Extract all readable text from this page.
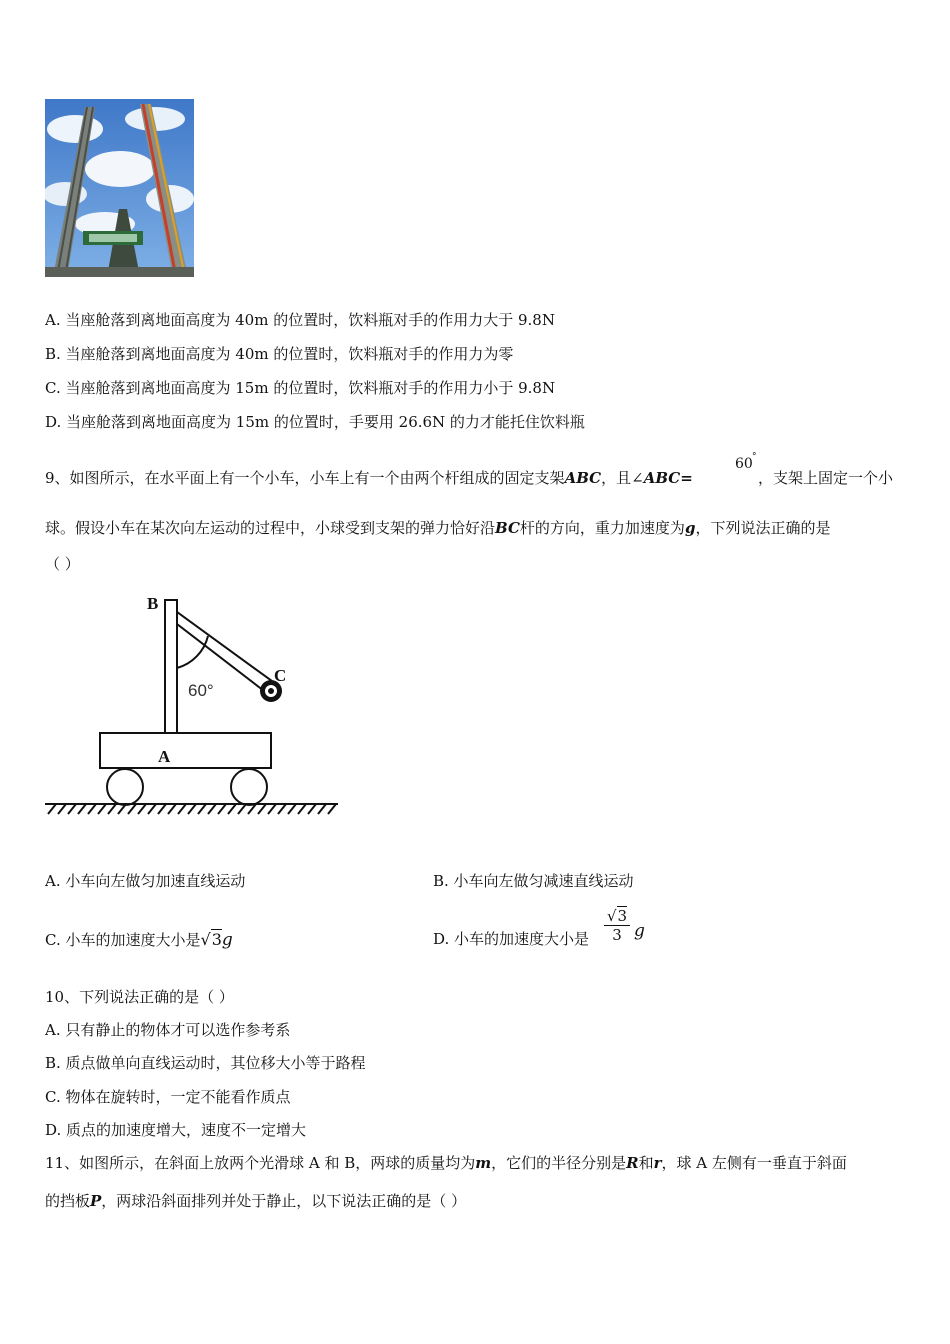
A. 当座舱落到离地面高度为 40m 的位置时，饮料瓶对手的作用力大于 9.8N
B. 当座舱落到离地面高度为 40m 的位置时，饮料瓶对手的作用力为零
C. 当座舱落到离地面高度为 15m 的位置时，饮料瓶对手的作用力小于 9.8N
D. 当座舱落到离地面高度为 15m 的位置时，手要用 26.6N 的力才能托住饮料瓶
9、如图所示，在水平面上有一个小车，小车上有一个由两个杆组成的固定支架ABC，且∠ABC=
60 °
，支架上固定一个小
球。假设小车在某次向左运动的过程中，小球受到支架的弹力恰好沿BC杆的方向，重力加速度为g，下列说法正确的是
（ ）
B
C
A
60°
A. 小车向左做匀加速直线运动	B. 小车向左做匀减速直线运动
C. 小车的加速度大小是√3g	D. 小车的加速度大小是 $\frac{√3}{3}$ g
10、下列说法正确的是（ ）
A. 只有静止的物体才可以选作参考系
B. 质点做单向直线运动时，其位移大小等于路程
C. 物体在旋转时，一定不能看作质点
D. 质点的加速度增大，速度不一定增大
11、如图所示，在斜面上放两个光滑球 A 和 B，两球的质量均为m，它们的半径分别是R和r，球 A 左侧有一垂直于斜面
的挡板P，两球沿斜面排列并处于静止，以下说法正确的是（ ）
